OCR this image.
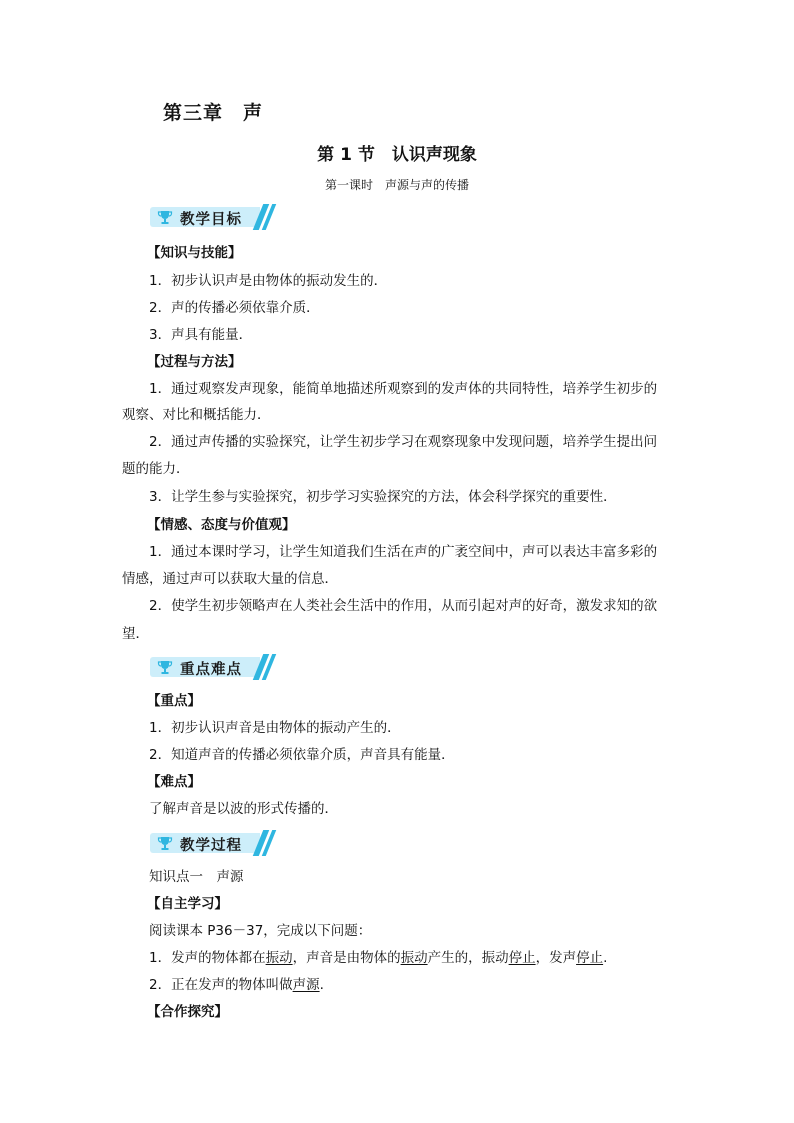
第三章　声
第 1 节　认识声现象
第一课时　声源与声的传播
教学目标
【知识与技能】
1．初步认识声是由物体的振动发生的．
2．声的传播必须依靠介质．
3．声具有能量．
【过程与方法】
1．通过观察发声现象，能简单地描述所观察到的发声体的共同特性，培养学生初步的
观察、对比和概括能力．
2．通过声传播的实验探究，让学生初步学习在观察现象中发现问题，培养学生提出问
题的能力．
3．让学生参与实验探究，初步学习实验探究的方法，体会科学探究的重要性．
【情感、态度与价值观】
1．通过本课时学习，让学生知道我们生活在声的广袤空间中，声可以表达丰富多彩的
情感，通过声可以获取大量的信息．
2．使学生初步领略声在人类社会生活中的作用，从而引起对声的好奇，激发求知的欲
望．
重点难点
【重点】
1．初步认识声音是由物体的振动产生的．
2．知道声音的传播必须依靠介质，声音具有能量．
【难点】
了解声音是以波的形式传播的．
教学过程
知识点一　声源
【自主学习】
阅读课本 P36－37，完成以下问题：
1．发声的物体都在振动，声音是由物体的振动产生的，振动停止，发声停止.
2．正在发声的物体叫做声源.
【合作探究】
